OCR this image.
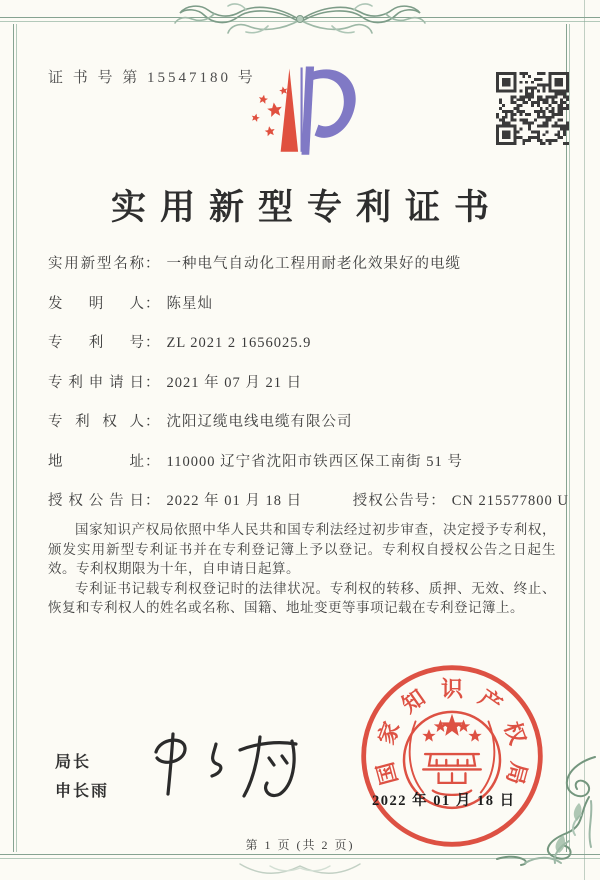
证 书 号 第 15547180 号
实用新型专利证书
实用新型名称： 一种电气自动化工程用耐老化效果好的电缆
发明人： 陈星灿
专利号： ZL 2021 2 1656025.9
专利申请日： 2021 年 07 月 21 日
专利权人： 沈阳辽缆电线电缆有限公司
地址： 110000 辽宁省沈阳市铁西区保工南街 51 号
授权公告日： 2022 年 01 月 18 日	授权公告号： CN 215577800 U

国家知识产权局依照中华人民共和国专利法经过初步审查，决定授予专利权，颁发实用新型专利证书并在专利登记簿上予以登记。专利权自授权公告之日起生效。专利权期限为十年，自申请日起算。

专利证书记载专利权登记时的法律状况。专利权的转移、质押、无效、终止、恢复和专利权人的姓名或名称、国籍、地址变更等事项记载在专利登记簿上。

局长
申长雨
国
家
知 识 产
权
局
2022 年 01 月 18 日
第 1 页 (共 2 页)
